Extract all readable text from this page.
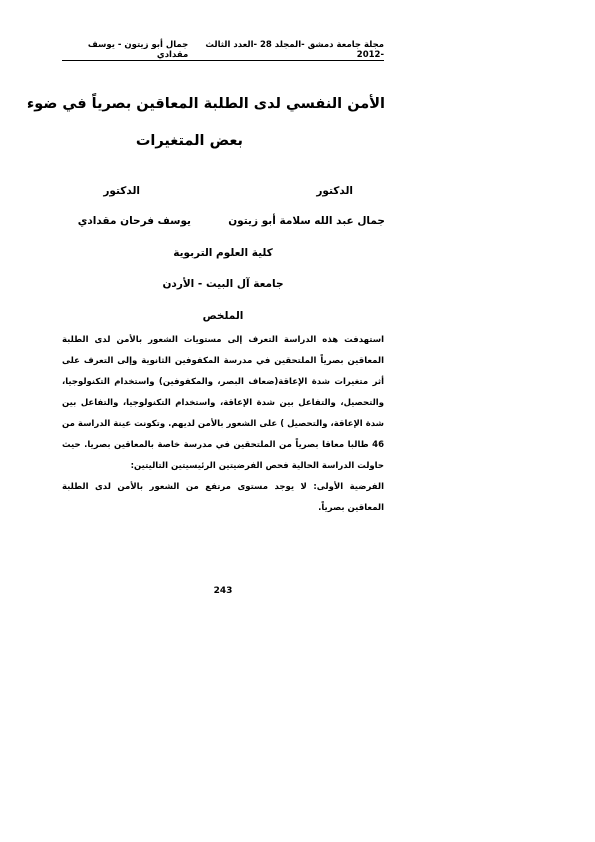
جمال أبو زيتون - يوسف مقدادي
مجلة جامعة دمشق -المجلد 28 -العدد الثالث -2012
الأمن النفسي لدى الطلبة المعاقين بصرياً في ضوء
بعض المتغيرات
الدكتور
الدكتور
جمال عبد الله سلامة أبو زيتون
يوسف فرحان مقدادي
كلية العلوم التربوية
جامعة آل البيت - الأردن
الملخص

استهدفت هذه الدراسة التعرف إلى مستويات الشعور بالأمن لدى الطلبة المعاقين بصرياً الملتحقين في مدرسة المكفوفين الثانوية وإلى التعرف على أثر متغيرات شدة الإعاقة(ضعاف البصر، والمكفوفين) واستخدام التكنولوجيا، والتحصيل، والتفاعل بين شدة الإعاقة، واستخدام التكنولوجيا، والتفاعل بين شدة الإعاقة، والتحصيل ) على الشعور بالأمن لديهم. وتكونت عينة الدراسة من 46 طالبا معاقا بصرياً من الملتحقين في مدرسة خاصة بالمعاقين بصريا. حيث حاولت الدراسة الحالية فحص الفرضيتين الرئيسيتين التاليتين:

الفرضية الأولى: لا يوجد مستوى مرتفع من الشعور بالأمن لدى الطلبة المعاقين بصرياً.

243
